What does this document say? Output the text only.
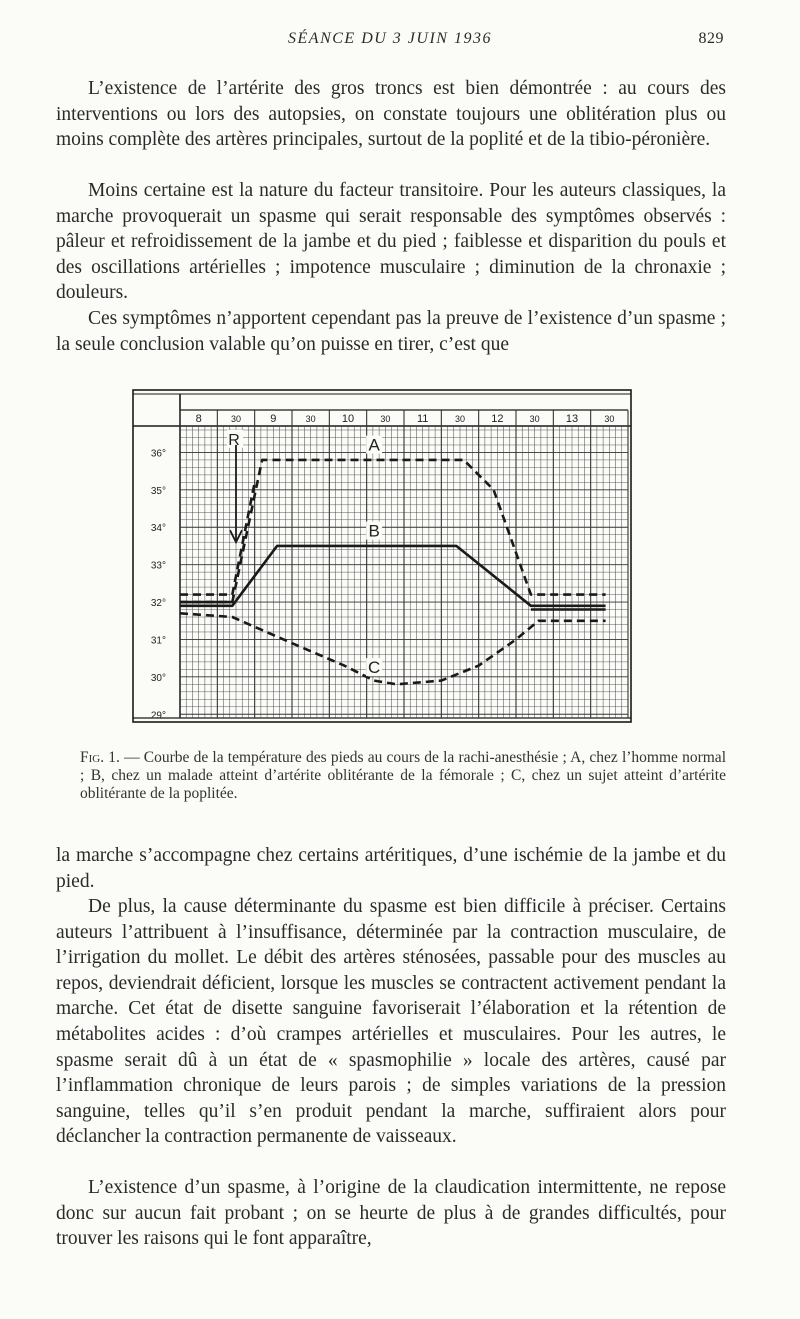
SÉANCE DU 3 JUIN 1936	829

L’existence de l’artérite des gros troncs est bien démontrée : au cours des interventions ou lors des autopsies, on constate toujours une oblitération plus ou moins complète des artères principales, surtout de la poplité et de la tibio-péronière.

Moins certaine est la nature du facteur transitoire. Pour les auteurs classiques, la marche provoquerait un spasme qui serait responsable des symptômes observés : pâleur et refroidissement de la jambe et du pied ; faiblesse et disparition du pouls et des oscillations artérielles ; impotence musculaire ; diminution de la chronaxie ; douleurs.

Ces symptômes n’apportent cependant pas la preuve de l’existence d’un spasme ; la seule conclusion valable qu’on puisse en tirer, c’est que

8	30	9	30 10	30 11	30 12	30 13	30
29°
30°
31°
32°
33°
34°
35°
36°	A
B
C
R

Fig. 1. — Courbe de la température des pieds au cours de la rachi-anesthésie ; A, chez l’homme normal ; B, chez un malade atteint d’artérite oblitérante de la fémorale ; C, chez un sujet atteint d’artérite oblitérante de la poplitée.

la marche s’accompagne chez certains artéritiques, d’une ischémie de la jambe et du pied.

De plus, la cause déterminante du spasme est bien difficile à préciser. Certains auteurs l’attribuent à l’insuffisance, déterminée par la contraction musculaire, de l’irrigation du mollet. Le débit des artères sténosées, passable pour des muscles au repos, deviendrait déficient, lorsque les muscles se contractent activement pendant la marche. Cet état de disette sanguine favoriserait l’élaboration et la rétention de métabolites acides : d’où crampes artérielles et musculaires. Pour les autres, le spasme serait dû à un état de « spasmophilie » locale des artères, causé par l’inflammation chronique de leurs parois ; de simples variations de la pression sanguine, telles qu’il s’en produit pendant la marche, suffiraient alors pour déclancher la contraction permanente de vaisseaux.

L’existence d’un spasme, à l’origine de la claudication intermittente, ne repose donc sur aucun fait probant ; on se heurte de plus à de grandes difficultés, pour trouver les raisons qui le font apparaître,
